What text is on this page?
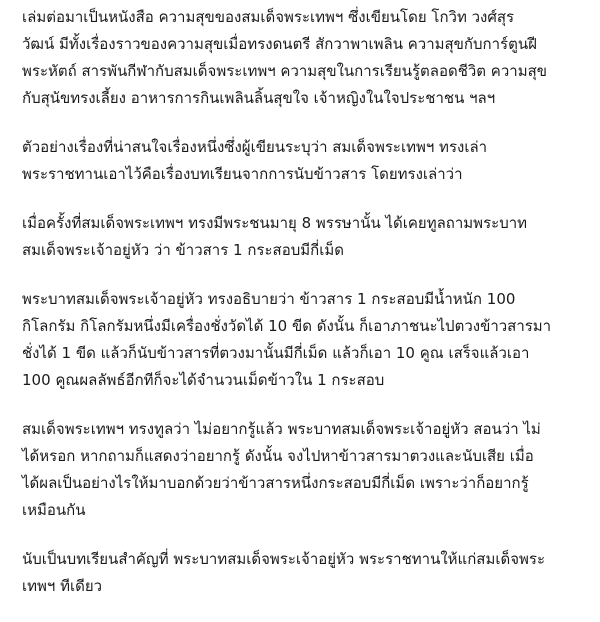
เล่มต่อมาเป็นหนังสือ ความสุขของสมเด็จพระเทพฯ ซึ่งเขียนโดย โกวิท วงศ์สุร
วัฒน์ มีทั้งเรื่องราวของความสุขเมื่อทรงดนตรี สักวาพาเพลิน ความสุขกับการ์ตูนฝี
พระหัตถ์ สารพันกีฬากับสมเด็จพระเทพฯ ความสุขในการเรียนรู้ตลอดชีวิต ความสุข
กับสุนัขทรงเลี้ยง อาหารการกินเพลินลิ้นสุขใจ เจ้าหญิงในใจประชาชน ฯลฯ

ตัวอย่างเรื่องที่น่าสนใจเรื่องหนึ่งซึ่งผู้เขียนระบุว่า สมเด็จพระเทพฯ ทรงเล่า
พระราชทานเอาไว้คือเรื่องบทเรียนจากการนับข้าวสาร โดยทรงเล่าว่า

เมื่อครั้งที่สมเด็จพระเทพฯ ทรงมีพระชนมายุ 8 พรรษานั้น ได้เคยทูลถามพระบาท
สมเด็จพระเจ้าอยู่หัว ว่า ข้าวสาร 1 กระสอบมีกี่เม็ด

พระบาทสมเด็จพระเจ้าอยู่หัว ทรงอธิบายว่า ข้าวสาร 1 กระสอบมีน้ำหนัก 100
กิโลกรัม กิโลกรัมหนึ่งมีเครื่องชั่งวัดได้ 10 ขีด ดังนั้น ก็เอาภาชนะไปตวงข้าวสารมา
ชั่งได้ 1 ขีด แล้วก็นับข้าวสารที่ตวงมานั้นมีกี่เม็ด แล้วก็เอา 10 คูณ เสร็จแล้วเอา
100 คูณผลลัพธ์อีกทีก็จะได้จำนวนเม็ดข้าวใน 1 กระสอบ

สมเด็จพระเทพฯ ทรงทูลว่า ไม่อยากรู้แล้ว พระบาทสมเด็จพระเจ้าอยู่หัว สอนว่า ไม่
ได้หรอก หากถามก็แสดงว่าอยากรู้ ดังนั้น จงไปหาข้าวสารมาตวงและนับเสีย เมื่อ
ได้ผลเป็นอย่างไรให้มาบอกด้วยว่าข้าวสารหนึ่งกระสอบมีกี่เม็ด เพราะว่าก็อยากรู้
เหมือนกัน

นับเป็นบทเรียนสำคัญที่ พระบาทสมเด็จพระเจ้าอยู่หัว พระราชทานให้แก่สมเด็จพระ
เทพฯ ทีเดียว
